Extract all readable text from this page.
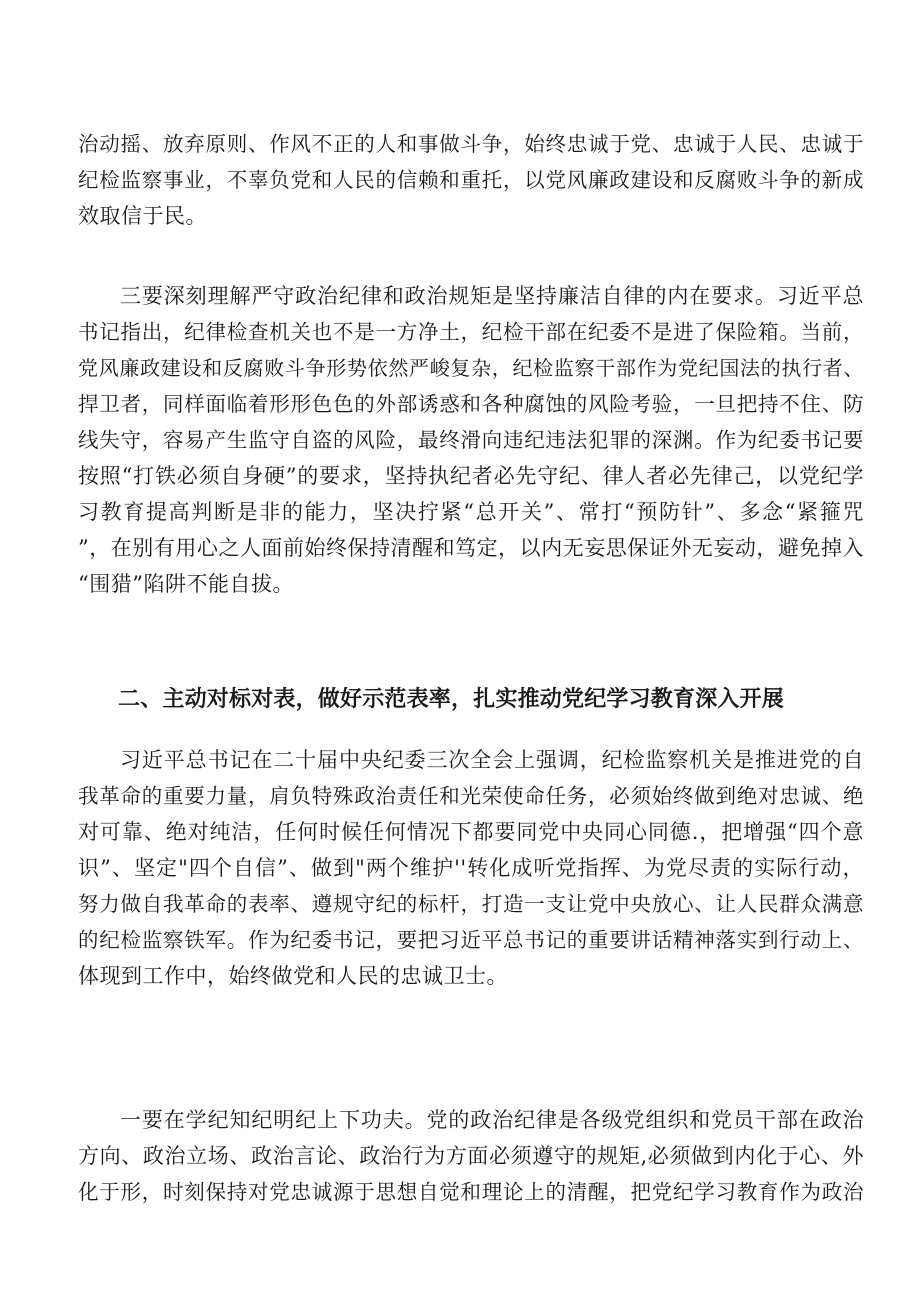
治动摇、放弃原则、作风不正的人和事做斗争，始终忠诚于党、忠诚于人民、忠诚于
纪检监察事业，不辜负党和人民的信赖和重托，以党风廉政建设和反腐败斗争的新成
效取信于民。
三要深刻理解严守政治纪律和政治规矩是坚持廉洁自律的内在要求。习近平总
书记指出，纪律检查机关也不是一方净土，纪检干部在纪委不是进了保险箱。当前，
党风廉政建设和反腐败斗争形势依然严峻复杂，纪检监察干部作为党纪国法的执行者、
捍卫者，同样面临着形形色色的外部诱惑和各种腐蚀的风险考验，一旦把持不住、防
线失守，容易产生监守自盗的风险，最终滑向违纪违法犯罪的深渊。作为纪委书记要
按照“打铁必须自身硬”的要求，坚持执纪者必先守纪、律人者必先律己，以党纪学
习教育提高判断是非的能力，坚决拧紧“总开关”、常打“预防针”、多念“紧箍咒
”，在别有用心之人面前始终保持清醒和笃定，以内无妄思保证外无妄动，避免掉入
“围猎”陷阱不能自拔。
二、主动对标对表，做好示范表率，扎实推动党纪学习教育深入开展
习近平总书记在二十届中央纪委三次全会上强调，纪检监察机关是推进党的自
我革命的重要力量，肩负特殊政治责任和光荣使命任务，必须始终做到绝对忠诚、绝
对可靠、绝对纯洁，任何时候任何情况下都要同党中央同心同德.，把增强“四个意
识”、坚定"四个自信”、做到"两个维护''转化成听党指挥、为党尽责的实际行动，
努力做自我革命的表率、遵规守纪的标杆，打造一支让党中央放心、让人民群众满意
的纪检监察铁军。作为纪委书记，要把习近平总书记的重要讲话精神落实到行动上、
体现到工作中，始终做党和人民的忠诚卫士。
一要在学纪知纪明纪上下功夫。党的政治纪律是各级党组织和党员干部在政治
方向、政治立场、政治言论、政治行为方面必须遵守的规矩,必须做到内化于心、外
化于形，时刻保持对党忠诚源于思想自觉和理论上的清醒，把党纪学习教育作为政治
